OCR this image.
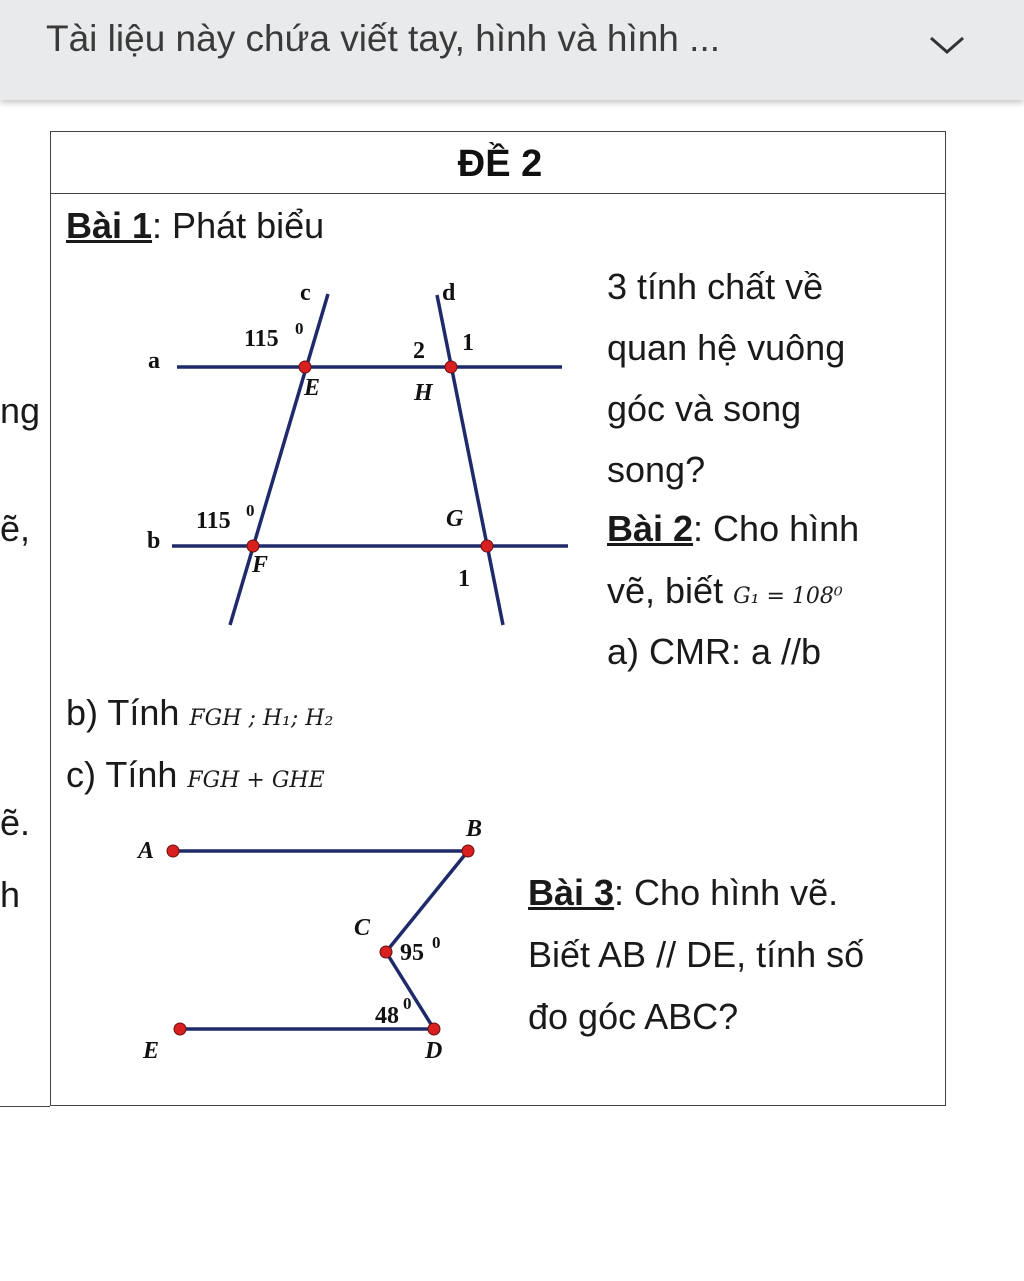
Tài liệu này chứa viết tay, hình và hình ...
ng
ẽ,
ẽ.
h
ĐỀ 2
Bài 1: Phát biểu
3 tính chất về
quan hệ vuông
góc và song
song?
Bài 2: Cho hình
vẽ, biết G₁ = 108⁰
a) CMR: a //b
b) Tính FGH ; H₁; H₂
c) Tính FGH + GHE
Bài 3: Cho hình vẽ.
Biết AB // DE, tính số
đo góc ABC?
a
b
c	d
E	H
F
G
115 0
115 0
2 1
1
A
B
C
D
E
95 0
48 0
